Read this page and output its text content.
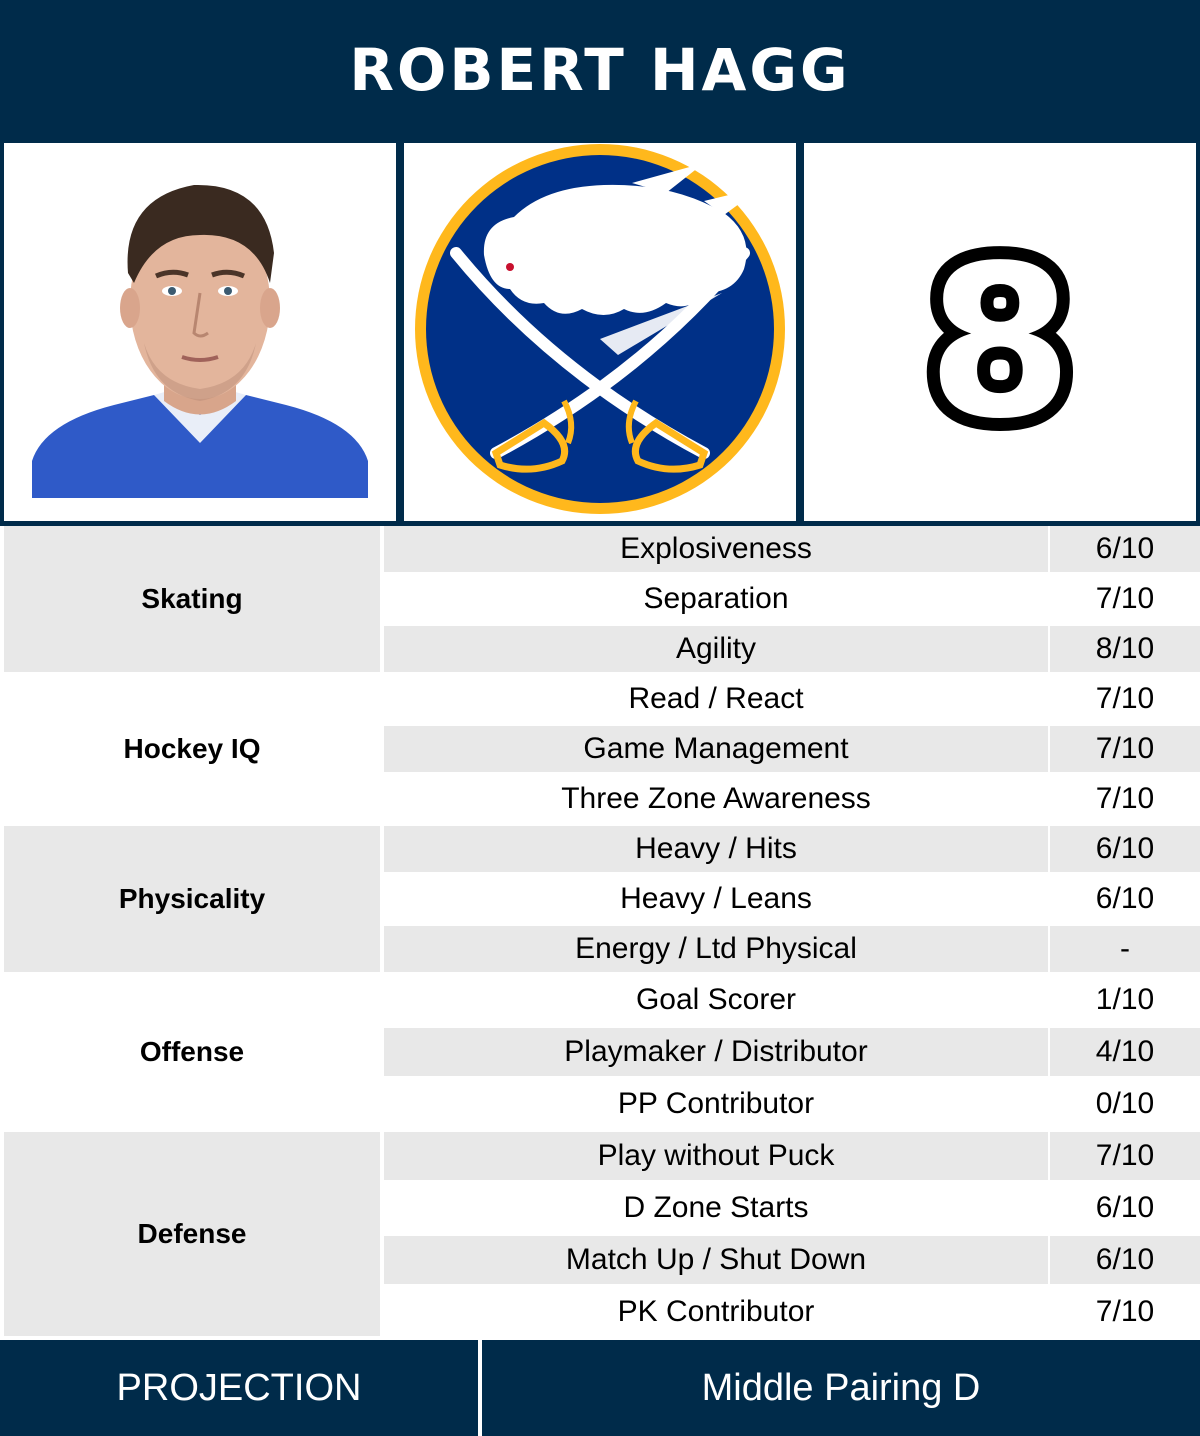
ROBERT HAGG
8
Skating
Explosiveness	6/10
Separation	7/10
Agility	8/10
Hockey IQ
Read / React	7/10
Game Management	7/10
Three Zone Awareness	7/10
Physicality
Heavy / Hits	6/10
Heavy / Leans	6/10
Energy / Ltd Physical	-
Offense
Goal Scorer	1/10
Playmaker / Distributor	4/10
PP Contributor	0/10
Defense
Play without Puck	7/10
D Zone Starts	6/10
Match Up / Shut Down	6/10
PK Contributor	7/10
PROJECTION	Middle Pairing D
